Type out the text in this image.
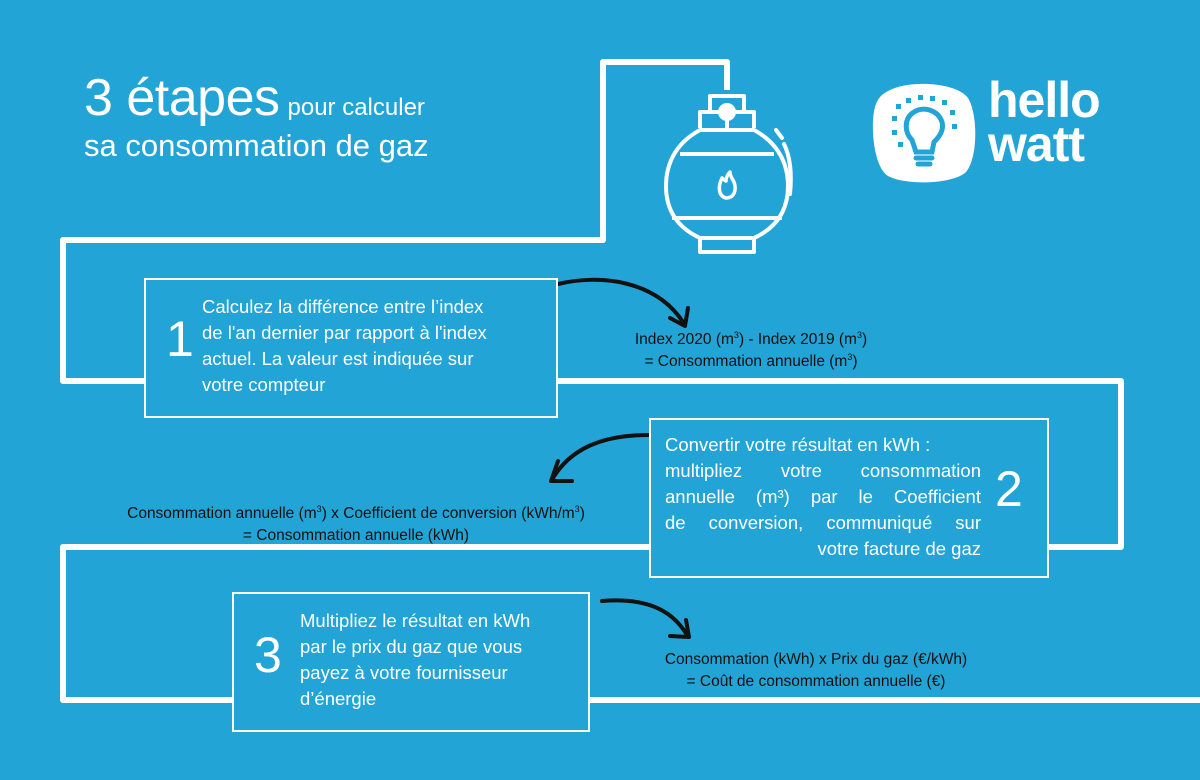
3 étapes pour calculer
sa consommation de gaz
hello
watt
1
Calculez la différence entre l’index
de l'an dernier par rapport à l'index
actuel. La valeur est indiquée sur
votre compteur
Index 2020 $(m^3)$ - Index 2019 $(m^3)$
= Consommation annuelle $(m^3)$
Convertir votre résultat en kWh :
multipliez votre consommation
annuelle (m³) par le Coefficient
de conversion, communiqué sur
votre facture de gaz
2
Consommation annuelle $(m^3)$ x Coefficient de conversion $(kWh/m^3)$
= Consommation annuelle (kWh)
3
Multipliez le résultat en kWh
par le prix du gaz que vous
payez à votre fournisseur
d’énergie
Consommation (kWh) x Prix du gaz (€/kWh)
= Coût de consommation annuelle (€)
